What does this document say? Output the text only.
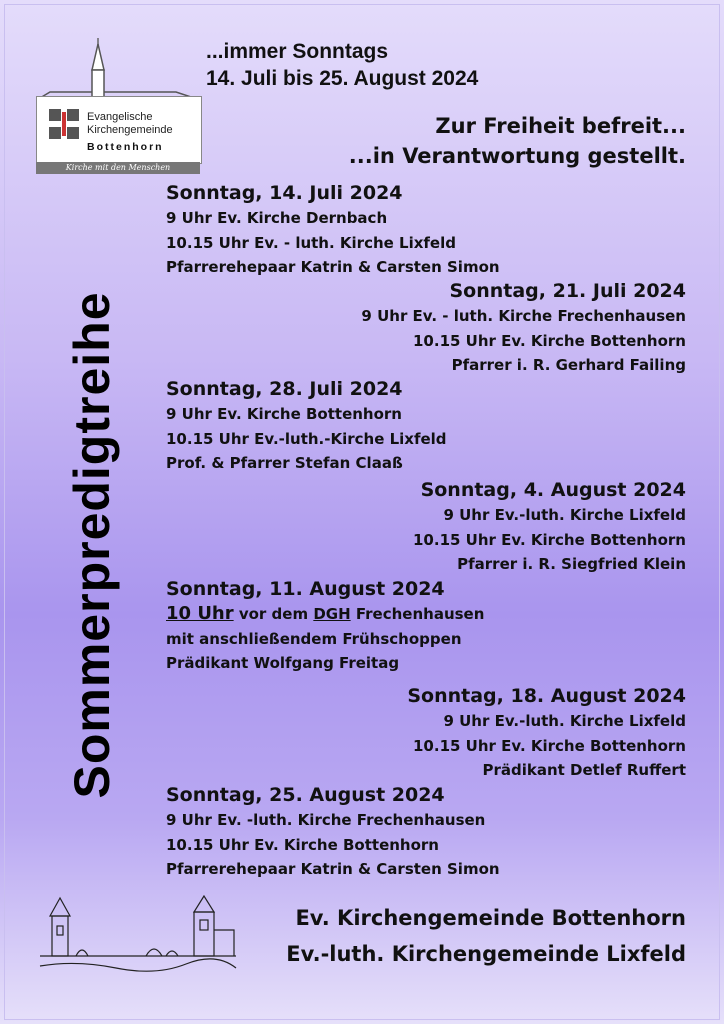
Evangelische
Kirchengemeinde
Bottenhorn
Kirche mit den Menschen
...immer Sonntags
14. Juli bis 25. August 2024
Zur Freiheit befreit...
...in Verantwortung gestellt.
Sommerpredigtreihe
Sonntag, 14. Juli 2024
9 Uhr Ev. Kirche Dernbach
10.15 Uhr Ev. - luth. Kirche Lixfeld
Pfarrerehepaar Katrin & Carsten Simon
Sonntag, 21. Juli 2024
9 Uhr Ev. - luth. Kirche Frechenhausen
10.15 Uhr Ev. Kirche Bottenhorn
Pfarrer i. R. Gerhard Failing
Sonntag, 28. Juli 2024
9 Uhr Ev. Kirche Bottenhorn
10.15 Uhr Ev.-luth.-Kirche Lixfeld
Prof. & Pfarrer Stefan Claaß
Sonntag, 4. August 2024
9 Uhr Ev.-luth. Kirche Lixfeld
10.15 Uhr Ev. Kirche Bottenhorn
Pfarrer i. R. Siegfried Klein
Sonntag, 11. August 2024
10 Uhr vor dem DGH Frechenhausen
mit anschließendem Frühschoppen
Prädikant Wolfgang Freitag
Sonntag, 18. August 2024
9 Uhr Ev.-luth. Kirche Lixfeld
10.15 Uhr Ev. Kirche Bottenhorn
Prädikant Detlef Ruffert
Sonntag, 25. August 2024
9 Uhr Ev. -luth. Kirche Frechenhausen
10.15 Uhr Ev. Kirche Bottenhorn
Pfarrerehepaar Katrin & Carsten Simon
Ev. Kirchengemeinde Bottenhorn
Ev.-luth. Kirchengemeinde Lixfeld
